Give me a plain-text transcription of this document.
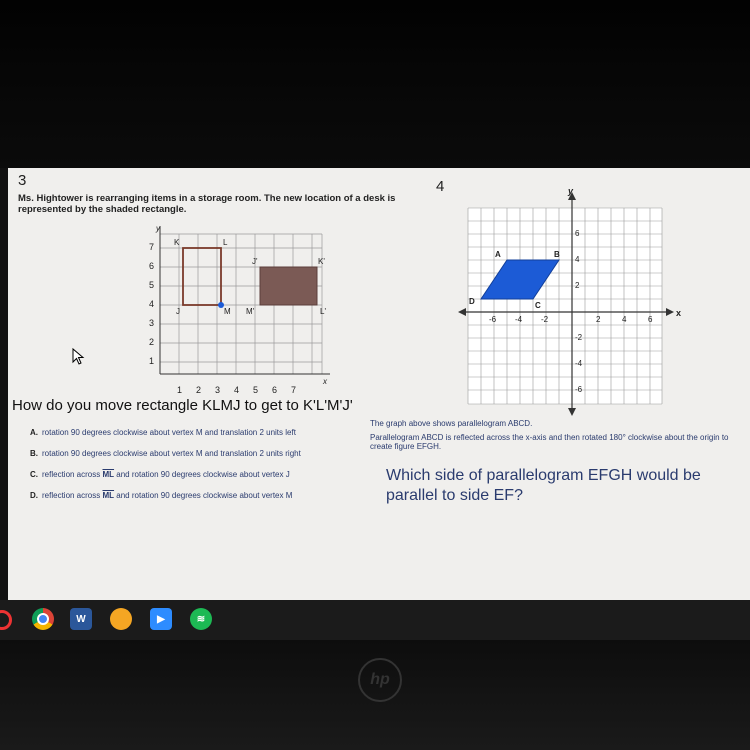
3
Ms. Hightower is rearranging items in a storage room. The new location of a desk is represented by the shaded rectangle.
y
x
7
6
5
4
3
2
1
1 2 3 4 5 6 7
K	L
J	M
J'	K'
M'	L'
4	y
x
-6 -4 -2	2	4	6
6
4
2
-2
-4
-6
A	B
C
D
How do you move rectangle KLMJ to get to K'L'M'J'
A. rotation 90 degrees clockwise about vertex M and translation 2 units left
B. rotation 90 degrees clockwise about vertex M and translation 2 units right
C. reflection across $\overline{ML}$ and rotation 90 degrees clockwise about vertex J
D. reflection across $\overline{ML}$ and rotation 90 degrees clockwise about vertex M
The graph above shows parallelogram ABCD.
Parallelogram ABCD is reflected across the x-axis and then rotated 180° clockwise about the origin to create figure EFGH.
Which side of parallelogram EFGH would be parallel to side EF?
W	▶	≋
hp
